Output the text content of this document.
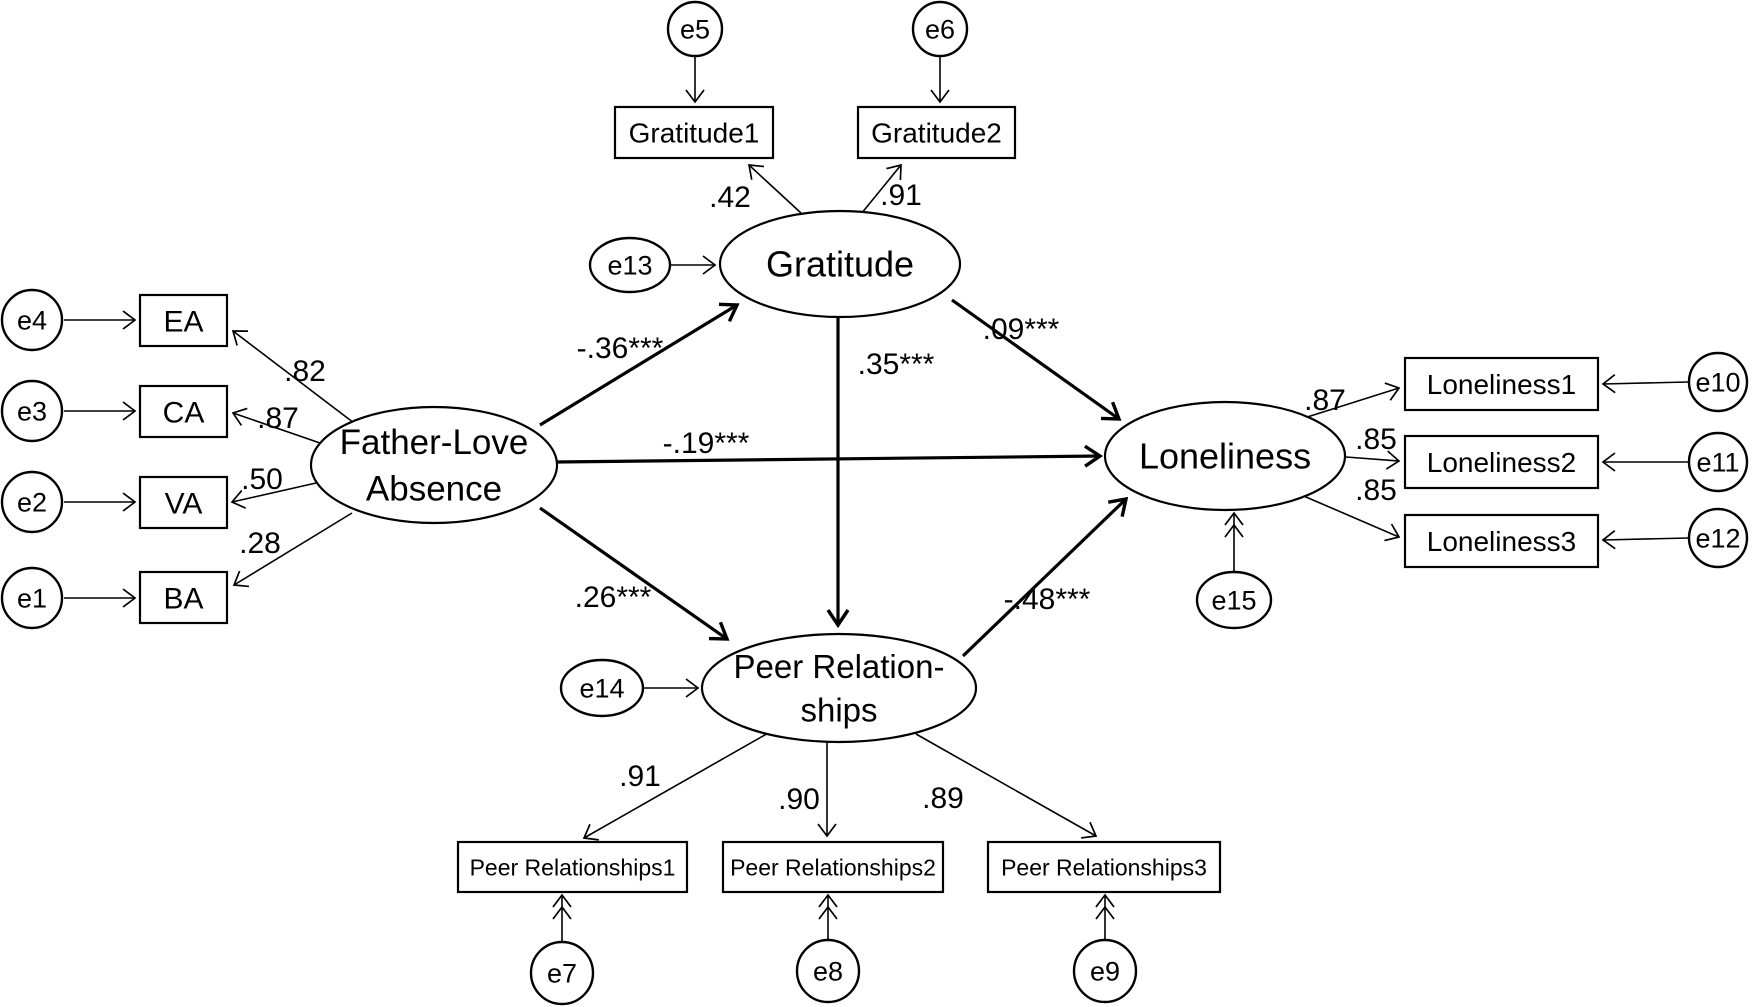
Father-Love Absence
Gratitude
Loneliness
Peer Relation-ships
Gratitude1	Gratitude2
EA
CA
VA
BA
Loneliness1
Loneliness2
Loneliness3
Peer Relationships1 Peer Relationships2	Peer Relationships3
e1
e2
e3
e4
e5	e6
e7	e8	e9
e10
e11
e12
e13
e14
e15
-.36***
-.19***
.26***
.09***
.35***
-.48***
.42	.91
.82
.87
.50
.28
.87
.85
.85
.91
.90	.89
